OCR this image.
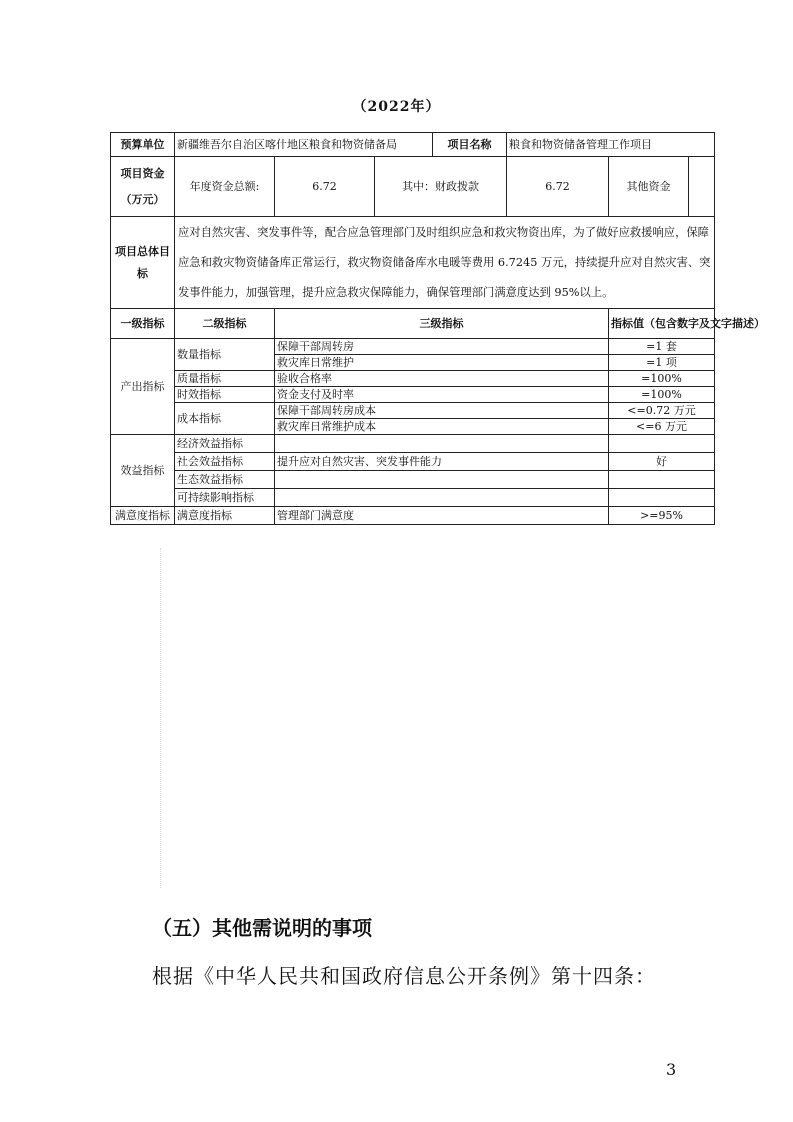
（2022年）
预算单位	新疆维吾尔自治区喀什地区粮食和物资储备局			项目名称	粮食和物资储备管理工作项目		

项目资金
（万元）	年度资金总额:	6.72	其中：财政拨款		6.72	其他资金	
项目总体目标	应对自然灾害、突发事件等，配合应急管理部门及时组织应急和救灾物资出库，为了做好应救援响应，保障应急和救灾物资储备库正常运行，救灾物资储备库水电暖等费用 6.7245 万元，持续提升应对自然灾害、突发事件能力，加强管理，提升应急救灾保障能力，确保管理部门满意度达到 95%以上。						
一级指标	二级指标	三级指标				指标值（包含数字及文字描述）	
产出指标	数量指标	保障干部周转房				=1 套	
		救灾库日常维护				=1 项	
	质量指标	验收合格率				=100%	
	时效指标	资金支付及时率				=100%	
	成本指标	保障干部周转房成本				<=0.72 万元	
		救灾库日常维护成本				<=6 万元	
效益指标	经济效益指标						
	社会效益指标	提升应对自然灾害、突发事件能力				好	
	生态效益指标						
	可持续影响指标						
满意度指标	满意度指标	管理部门满意度				>=95%	
（五）其他需说明的事项
根据《中华人民共和国政府信息公开条例》第十四条：
3
